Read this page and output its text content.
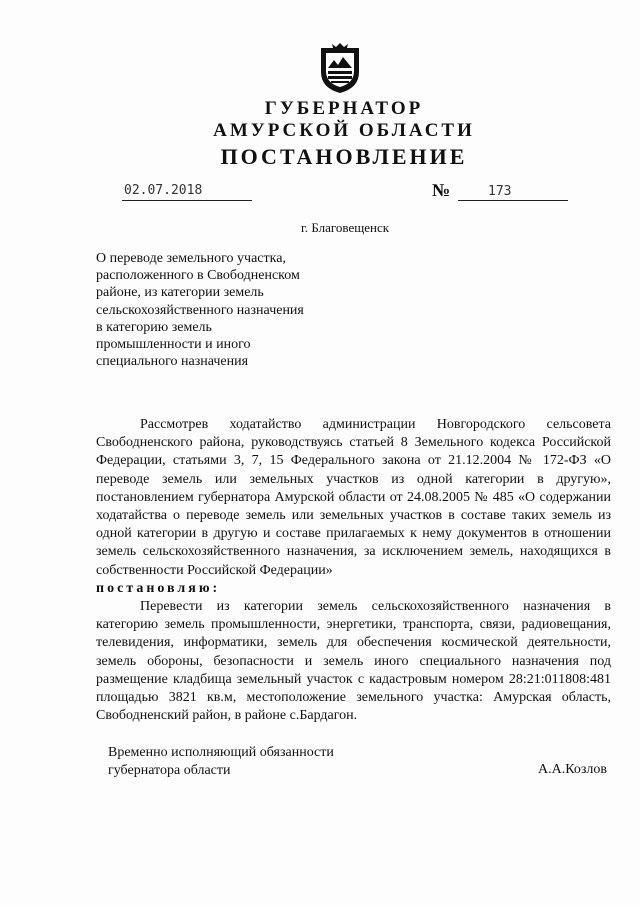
ГУБЕРНАТОР
АМУРСКОЙ ОБЛАСТИ
ПОСТАНОВЛЕНИЕ
02.07.2018	№	173
г. Благовещенск
О переводе земельного участка,
расположенного в Свободненском
районе, из категории земель
сельскохозяйственного назначения
в категорию земель
промышленности и иного
специального назначения

Рассмотрев ходатайство администрации Новгородского сельсовета Свободненского района, руководствуясь статьей 8 Земельного кодекса Российской Федерации, статьями 3, 7, 15 Федерального закона от 21.12.2004 № 172-ФЗ «О переводе земель или земельных участков из одной категории в другую», постановлением губернатора Амурской области от 24.08.2005 № 485 «О содержании ходатайства о переводе земель или земельных участков в составе таких земель из одной категории в другую и составе прилагаемых к нему документов в отношении земель сельскохозяйственного назначения, за исключением земель, находящихся в собственности Российской Федерации»

постановляю:

Перевести из категории земель сельскохозяйственного назначения в категорию земель промышленности, энергетики, транспорта, связи, радиовещания, телевидения, информатики, земель для обеспечения космической деятельности, земель обороны, безопасности и земель иного специального назначения под размещение кладбища земельный участок с кадастровым номером 28:21:011808:481 площадью 3821 кв.м, местоположение земельного участка: Амурская область, Свободненский район, в районе с.Бардагон.

Временно исполняющий обязанности
губернатора области	А.А.Козлов
